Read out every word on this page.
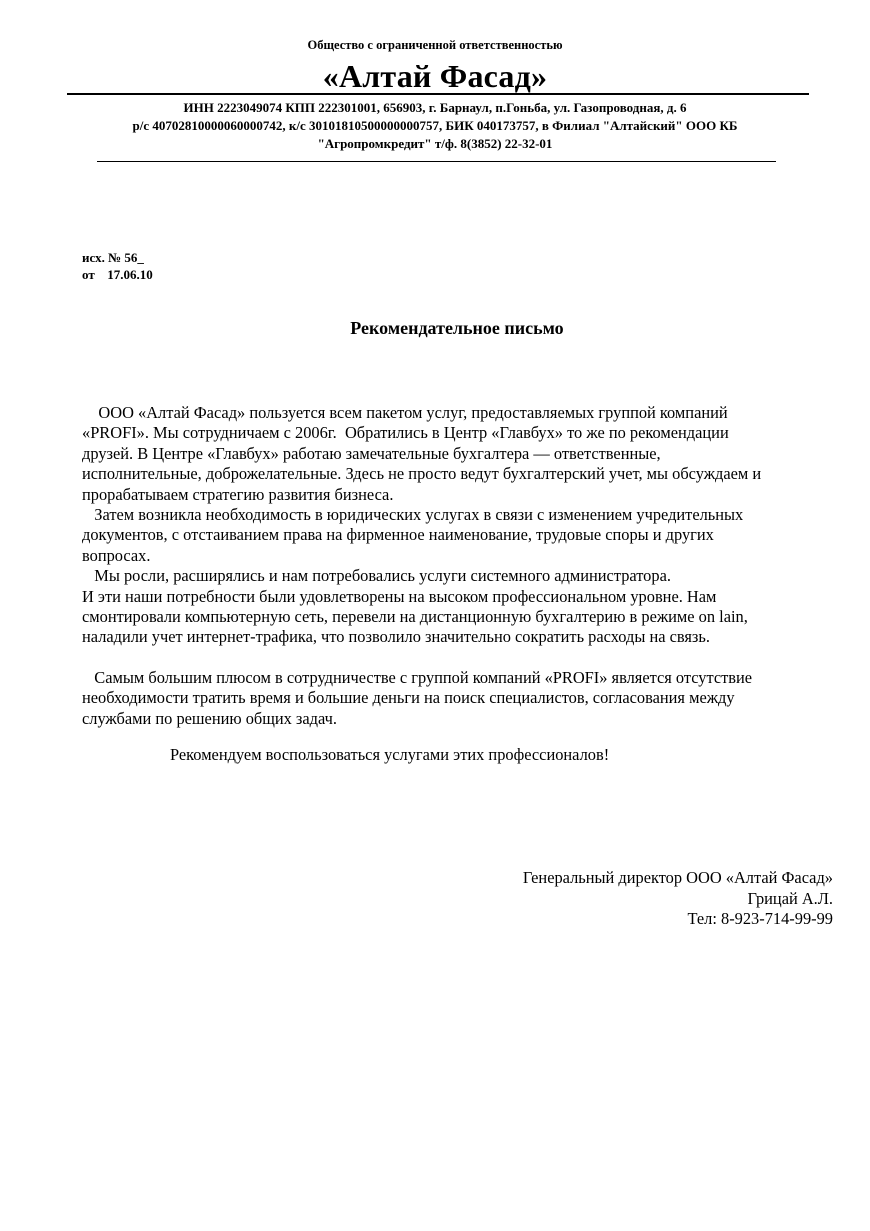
Общество с ограниченной ответственностью
«Алтай Фасад»
ИНН 2223049074 КПП 222301001, 656903, г. Барнаул, п.Гоньба, ул. Газопроводная, д. 6
р/с 40702810000060000742, к/с 30101810500000000757, БИК 040173757, в Филиал "Алтайский" ООО КБ
"Агропромкредит" т/ф. 8(3852) 22-32-01
исх. № 56_
от 17.06.10
Рекомендательное письмо
ООО «Алтай Фасад» пользуется всем пакетом услуг, предоставляемых группой компаний
«PROFI». Мы сотрудничаем с 2006г.  Обратились в Центр «Главбух» то же по рекомендации
друзей. В Центре «Главбух» работаю замечательные бухгалтера — ответственные,
исполнительные, доброжелательные. Здесь не просто ведут бухгалтерский учет, мы обсуждаем и
прорабатываем стратегию развития бизнеса.
Затем возникла необходимость в юридических услугах в связи с изменением учредительных
документов, с отстаиванием права на фирменное наименование, трудовые споры и других
вопросах.
Мы росли, расширялись и нам потребовались услуги системного администратора.
И эти наши потребности были удовлетворены на высоком профессиональном уровне. Нам
смонтировали компьютерную сеть, перевели на дистанционную бухгалтерию в режиме on lain,
наладили учет интернет-трафика, что позволило значительно сократить расходы на связь.
Самым большим плюсом в сотрудничестве с группой компаний «PROFI» является отсутствие
необходимости тратить время и большие деньги на поиск специалистов, согласования между
службами по решению общих задач.
Рекомендуем воспользоваться услугами этих профессионалов!
Генеральный директор ООО «Алтай Фасад»
Грицай А.Л.
Тел: 8-923-714-99-99
